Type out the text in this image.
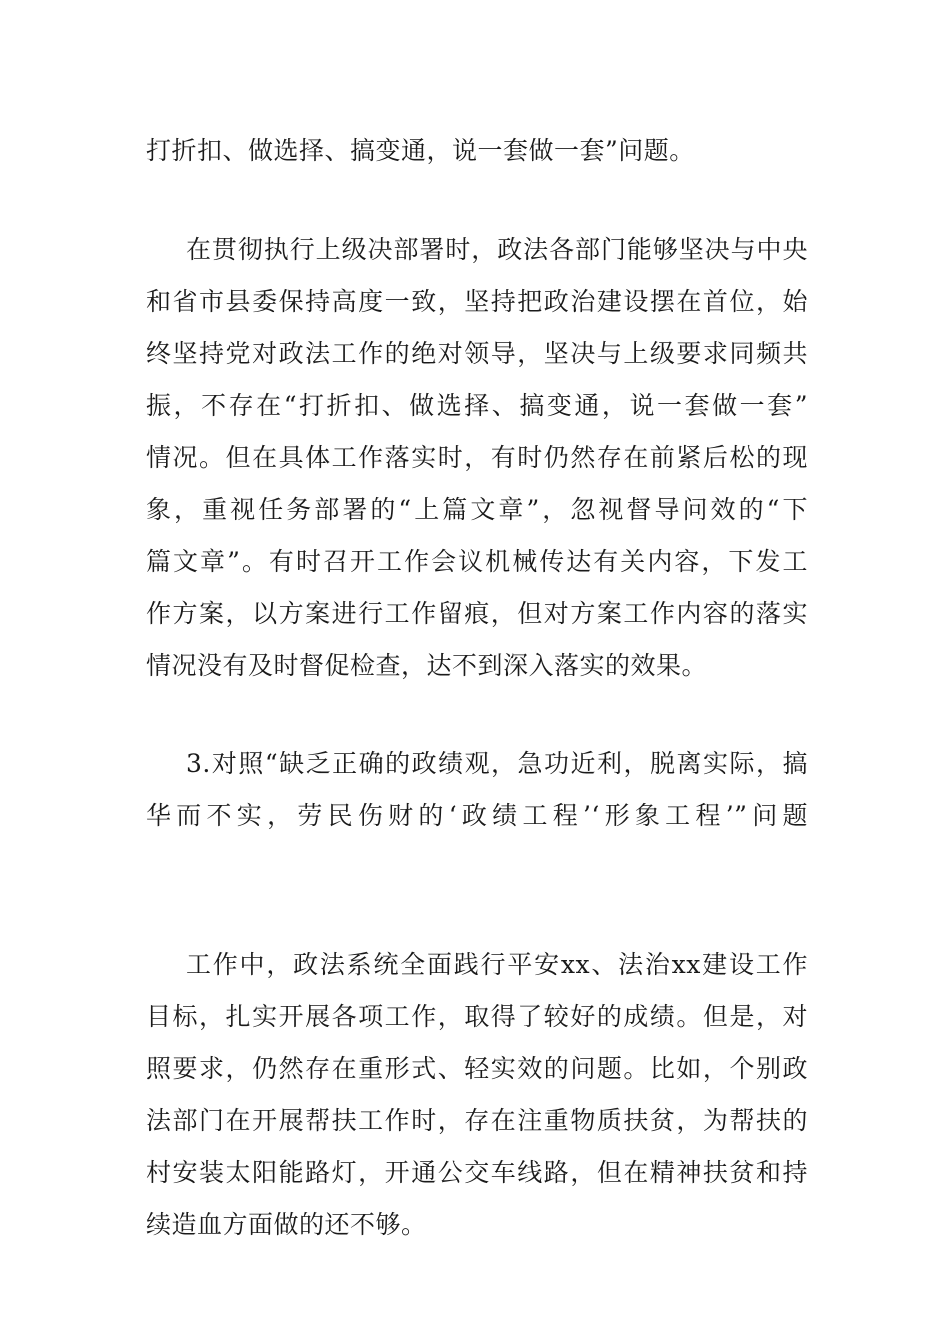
打折扣、做选择、搞变通，说一套做一套”问题。
在贯彻执行上级决部署时，政法各部门能够坚决与中央
和省市县委保持高度一致，坚持把政治建设摆在首位，始
终坚持党对政法工作的绝对领导，坚决与上级要求同频共
振，不存在“打折扣、做选择、搞变通，说一套做一套”
情况。但在具体工作落实时，有时仍然存在前紧后松的现
象，重视任务部署的“上篇文章”，忽视督导问效的“下
篇文章”。有时召开工作会议机械传达有关内容，下发工
作方案，以方案进行工作留痕，但对方案工作内容的落实
情况没有及时督促检查，达不到深入落实的效果。
3.对照“缺乏正确的政绩观，急功近利，脱离实际，搞
华而不实，劳民伤财的‘政绩工程’‘形象工程’”问题
工作中，政法系统全面践行平安xx、法治xx建设工作
目标，扎实开展各项工作，取得了较好的成绩。但是，对
照要求，仍然存在重形式、轻实效的问题。比如，个别政
法部门在开展帮扶工作时，存在注重物质扶贫，为帮扶的
村安装太阳能路灯，开通公交车线路，但在精神扶贫和持
续造血方面做的还不够。
